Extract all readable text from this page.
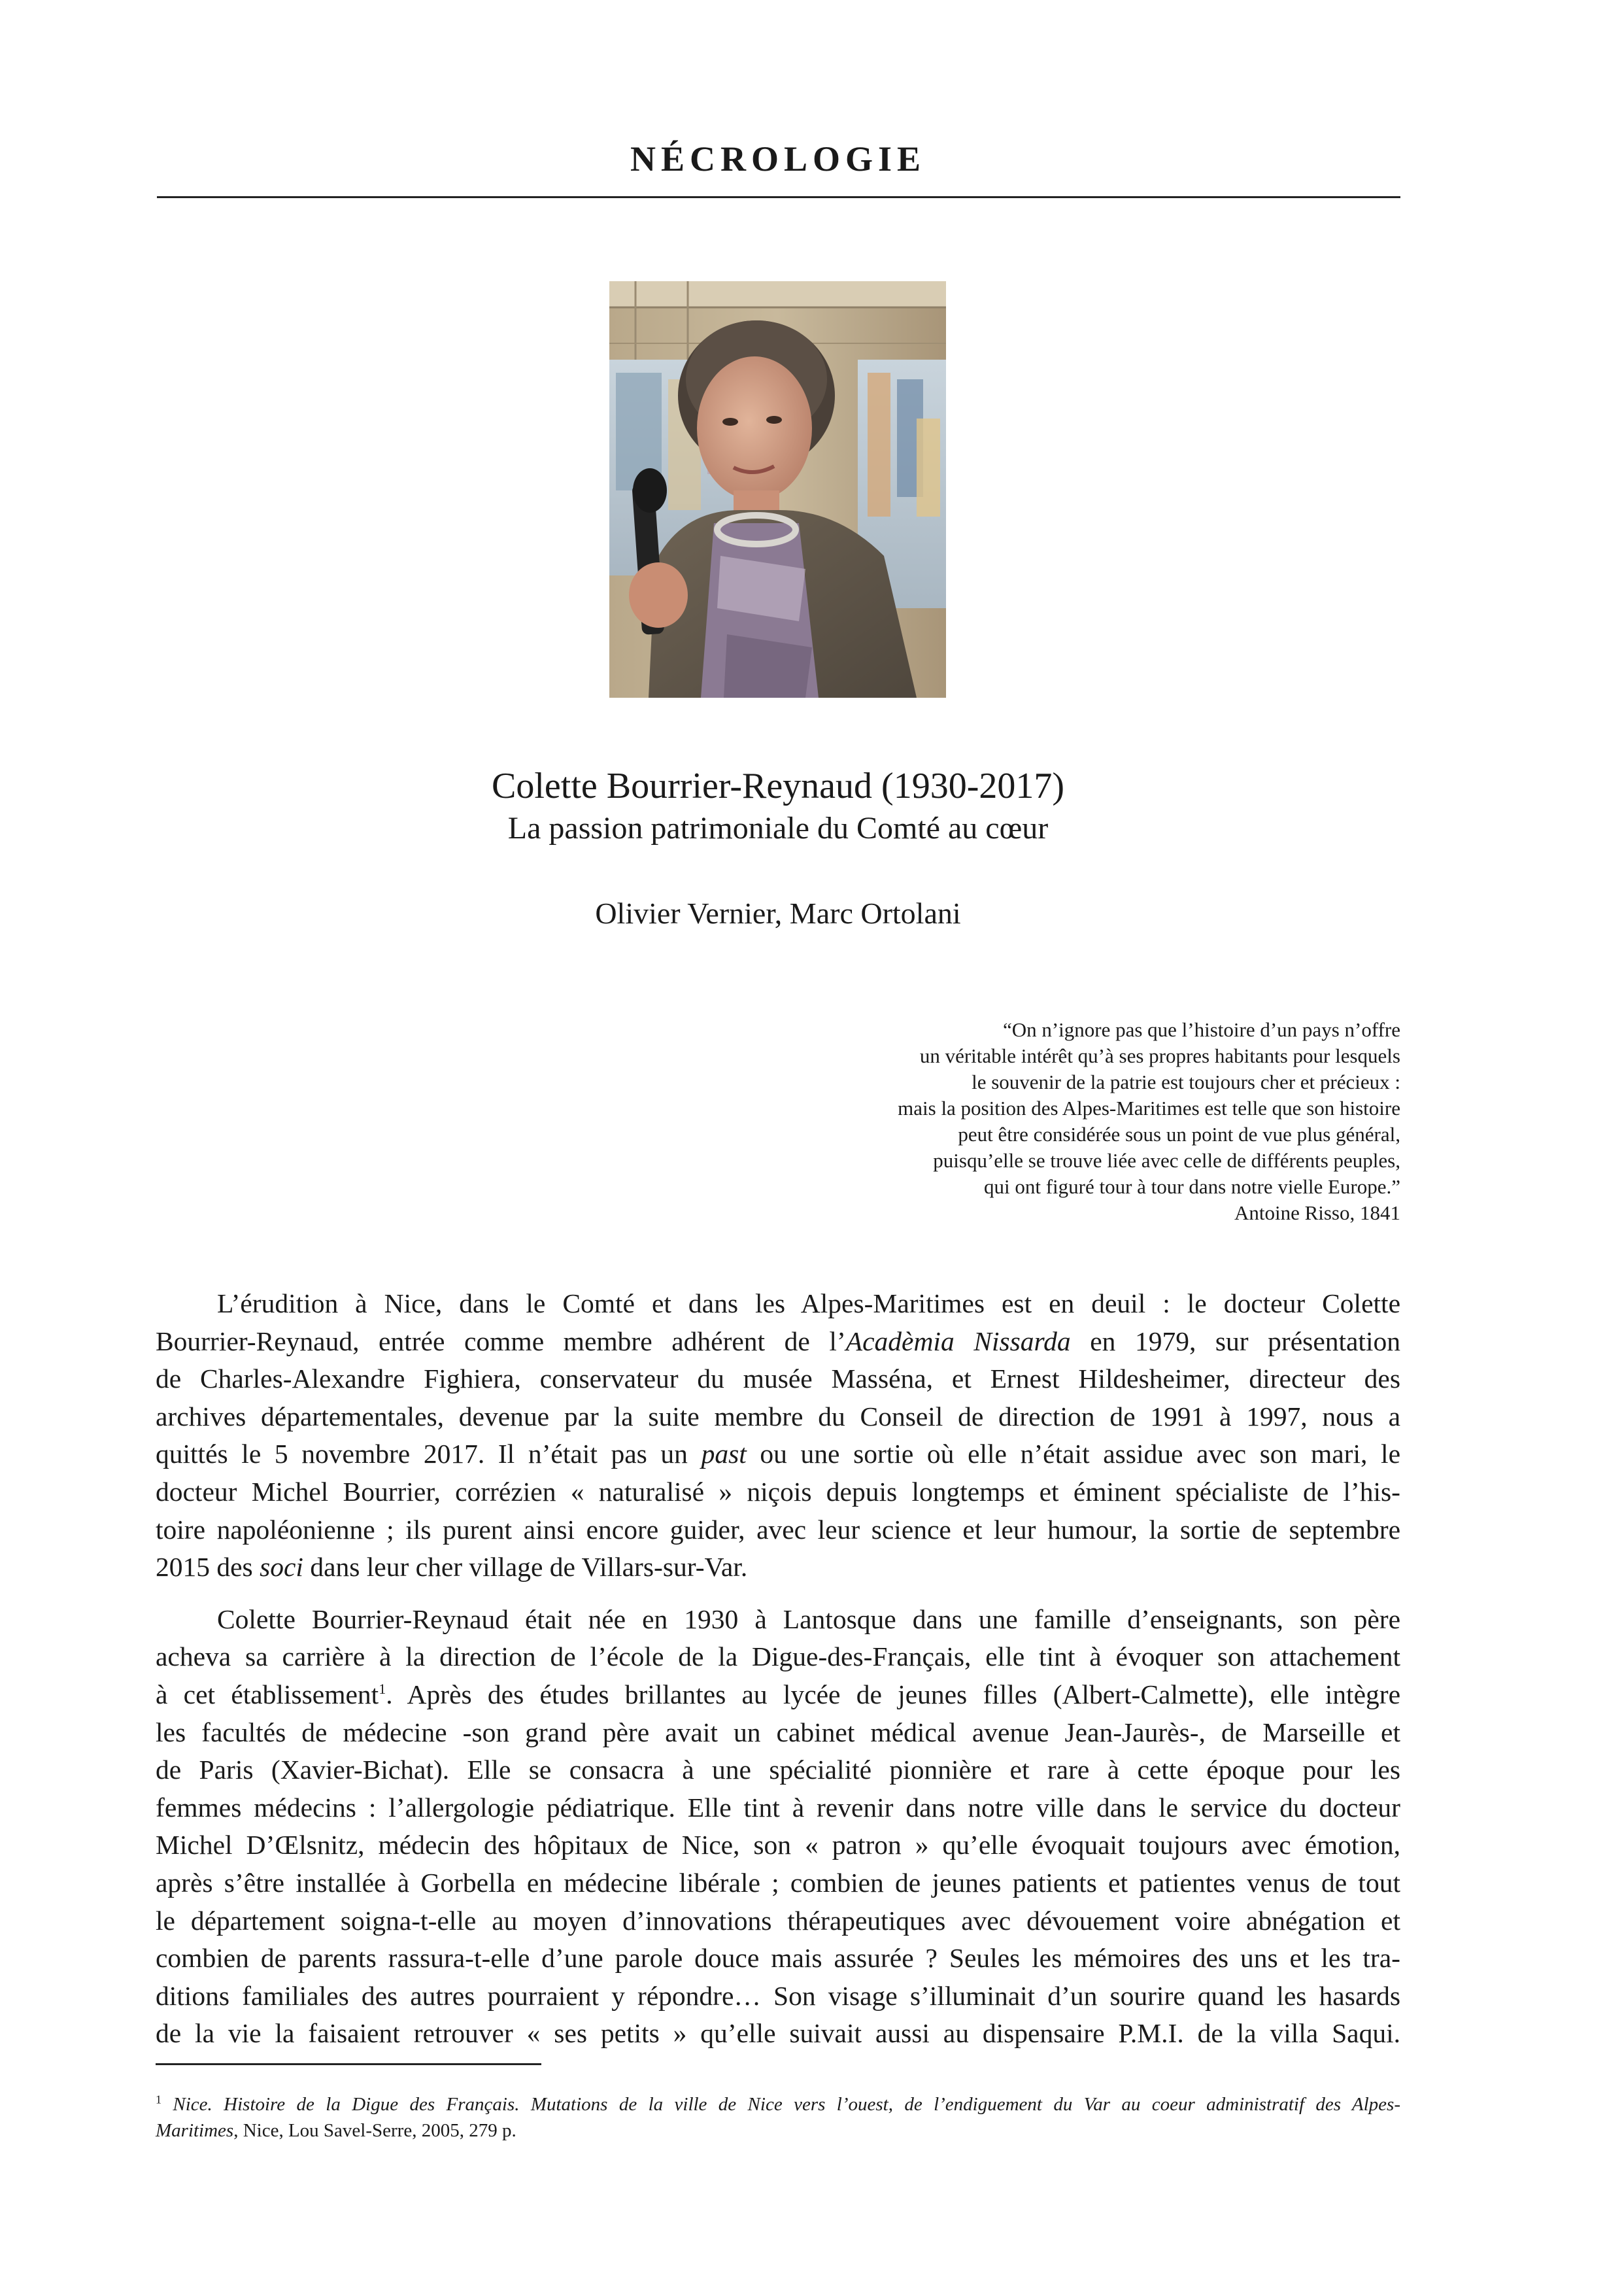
NÉCROLOGIE
Colette Bourrier-Reynaud (1930-2017)
La passion patrimoniale du Comté au cœur
Olivier Vernier, Marc Ortolani
“On n’ignore pas que l’histoire d’un pays n’offre
un véritable intérêt qu’à ses propres habitants pour lesquels
le souvenir de la patrie est toujours cher et précieux :
mais la position des Alpes-Maritimes est telle que son histoire
peut être considérée sous un point de vue plus général,
puisqu’elle se trouve liée avec celle de différents peuples,
qui ont figuré tour à tour dans notre vielle Europe.”
Antoine Risso, 1841
L’érudition à Nice, dans le Comté et dans les Alpes-Maritimes est en deuil : le docteur Colette
Bourrier-Reynaud, entrée comme membre adhérent de l’Acadèmia Nissarda en 1979, sur présentation
de Charles-Alexandre Fighiera, conservateur du musée Masséna, et Ernest Hildesheimer, directeur des
archives départementales, devenue par la suite membre du Conseil de direction de 1991 à 1997, nous a
quittés le 5 novembre 2017. Il n’était pas un past ou une sortie où elle n’était assidue avec son mari, le
docteur Michel Bourrier, corrézien « naturalisé » niçois depuis longtemps et éminent spécialiste de l’his-
toire napoléonienne ; ils purent ainsi encore guider, avec leur science et leur humour, la sortie de septembre
2015 des soci dans leur cher village de Villars-sur-Var.
Colette Bourrier-Reynaud était née en 1930 à Lantosque dans une famille d’enseignants, son père
acheva sa carrière à la direction de l’école de la Digue-des-Français, elle tint à évoquer son attachement
à cet établissement$^1$. Après des études brillantes au lycée de jeunes filles (Albert-Calmette), elle intègre
les facultés de médecine -son grand père avait un cabinet médical avenue Jean-Jaurès-, de Marseille et
de Paris (Xavier-Bichat). Elle se consacra à une spécialité pionnière et rare à cette époque pour les
femmes médecins : l’allergologie pédiatrique. Elle tint à revenir dans notre ville dans le service du docteur
Michel D’Œlsnitz, médecin des hôpitaux de Nice, son « patron » qu’elle évoquait toujours avec émotion,
après s’être installée à Gorbella en médecine libérale ; combien de jeunes patients et patientes venus de tout
le département soigna-t-elle au moyen d’innovations thérapeutiques avec dévouement voire abnégation et
combien de parents rassura-t-elle d’une parole douce mais assurée ? Seules les mémoires des uns et les tra-
ditions familiales des autres pourraient y répondre… Son visage s’illuminait d’un sourire quand les hasards
de la vie la faisaient retrouver « ses petits » qu’elle suivait aussi au dispensaire P.M.I. de la villa Saqui.
$^1$ Nice. Histoire de la Digue des Français. Mutations de la ville de Nice vers l’ouest, de l’endiguement du Var au coeur administratif des Alpes-
Maritimes, Nice, Lou Savel-Serre, 2005, 279 p.
